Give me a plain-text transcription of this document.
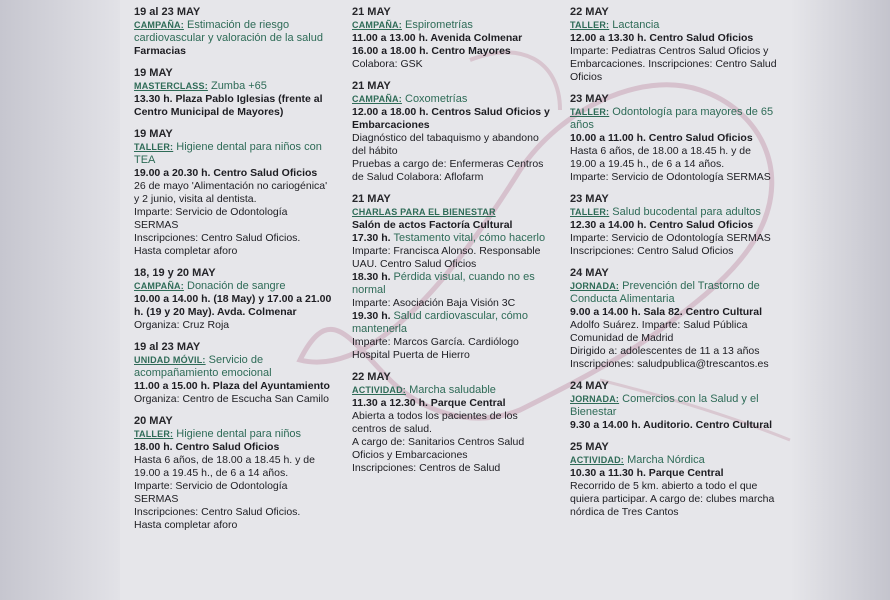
19 al 23 MAY
CAMPAÑA: Estimación de riesgo cardiovascular y valoración de la salud

Farmacias

19 MAY
MASTERCLASS: Zumba +65

13.30 h. Plaza Pablo Iglesias (frente al Centro Municipal de Mayores)

19 MAY
TALLER: Higiene dental para niños con TEA

19.00 a 20.30 h. Centro Salud Oficios

26 de mayo 'Alimentación no cariogénica' y 2 junio, visita al dentista.

Imparte: Servicio de Odontología SERMAS

Inscripciones: Centro Salud Oficios.

Hasta completar aforo

18, 19 y 20 MAY
CAMPAÑA: Donación de sangre

10.00 a 14.00 h. (18 May) y 17.00 a 21.00 h. (19 y 20 May). Avda. Colmenar

Organiza: Cruz Roja

19 al 23 MAY
UNIDAD MÓVIL: Servicio de acompañamiento emocional

11.00 a 15.00 h. Plaza del Ayuntamiento

Organiza: Centro de Escucha San Camilo

20 MAY
TALLER: Higiene dental para niños

18.00 h. Centro Salud Oficios

Hasta 6 años, de 18.00 a 18.45 h. y de 19.00 a 19.45 h., de 6 a 14 años.

Imparte: Servicio de Odontología SERMAS

Inscripciones: Centro Salud Oficios.

Hasta completar aforo

21 MAY
CAMPAÑA: Espirometrías

11.00 a 13.00 h. Avenida Colmenar

16.00 a 18.00 h. Centro Mayores

Colabora: GSK

21 MAY
CAMPAÑA: Coxometrías

12.00 a 18.00 h. Centros Salud Oficios y Embarcaciones

Diagnóstico del tabaquismo y abandono del hábito

Pruebas a cargo de: Enfermeras Centros de Salud Colabora: Aflofarm

21 MAY
CHARLAS PARA EL BIENESTAR

Salón de actos Factoría Cultural

17.30 h. Testamento vital, cómo hacerlo

Imparte: Francisca Alonso. Responsable UAU. Centro Salud Oficios

18.30 h. Pérdida visual, cuando no es normal

Imparte: Asociación Baja Visión 3C

19.30 h. Salud cardiovascular, cómo mantenerla

Imparte: Marcos García. Cardiólogo Hospital Puerta de Hierro

22 MAY
ACTIVIDAD: Marcha saludable

11.30 a 12.30 h. Parque Central

Abierta a todos los pacientes de los centros de salud.

A cargo de: Sanitarios Centros Salud Oficios y Embarcaciones

Inscripciones: Centros de Salud

22 MAY
TALLER: Lactancia

12.00 a 13.30 h. Centro Salud Oficios

Imparte: Pediatras Centros Salud Oficios y Embarcaciones. Inscripciones: Centro Salud Oficios

23 MAY
TALLER: Odontología para mayores de 65 años

10.00 a 11.00 h. Centro Salud Oficios

Hasta 6 años, de 18.00 a 18.45 h. y de 19.00 a 19.45 h., de 6 a 14 años.

Imparte: Servicio de Odontología SERMAS

23 MAY
TALLER: Salud bucodental para adultos

12.30 a 14.00 h. Centro Salud Oficios

Imparte: Servicio de Odontología SERMAS

Inscripciones: Centro Salud Oficios

24 MAY
JORNADA: Prevención del Trastorno de Conducta Alimentaria

9.00 a 14.00 h. Sala 82. Centro Cultural

Adolfo Suárez. Imparte: Salud Pública Comunidad de Madrid

Dirigido a: adolescentes de 11 a 13 años

Inscripciones: saludpublica@trescantos.es

24 MAY
JORNADA: Comercios con la Salud y el Bienestar

9.30 a 14.00 h. Auditorio. Centro Cultural

25 MAY
ACTIVIDAD: Marcha Nórdica

10.30 a 11.30 h. Parque Central

Recorrido de 5 km. abierto a todo el que quiera participar. A cargo de: clubes marcha nórdica de Tres Cantos
